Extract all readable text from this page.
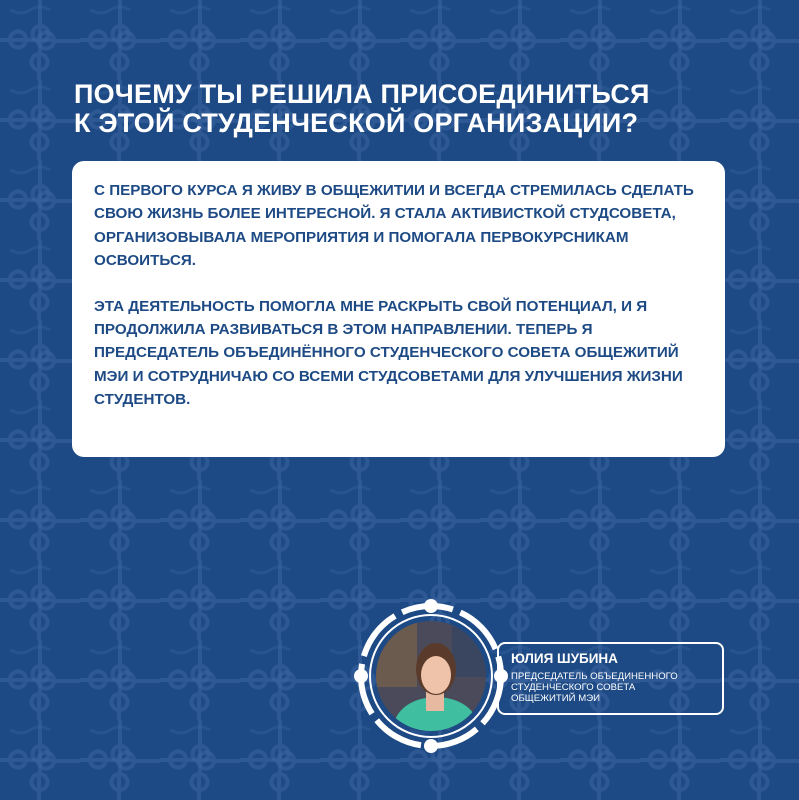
ПОЧЕМУ ТЫ РЕШИЛА ПРИСОЕДИНИТЬСЯ
К ЭТОЙ СТУДЕНЧЕСКОЙ ОРГАНИЗАЦИИ?

С ПЕРВОГО КУРСА Я ЖИВУ В ОБЩЕЖИТИИ И ВСЕГДА СТРЕМИЛАСЬ СДЕЛАТЬ СВОЮ ЖИЗНЬ БОЛЕЕ ИНТЕРЕСНОЙ. Я СТАЛА АКТИВИСТКОЙ СТУДСОВЕТА, ОРГАНИЗОВЫВАЛА МЕРОПРИЯТИЯ И ПОМОГАЛА ПЕРВОКУРСНИКАМ ОСВОИТЬСЯ.

ЭТА ДЕЯТЕЛЬНОСТЬ ПОМОГЛА МНЕ РАСКРЫТЬ СВОЙ ПОТЕНЦИАЛ, И Я ПРОДОЛЖИЛА РАЗВИВАТЬСЯ В ЭТОМ НАПРАВЛЕНИИ. ТЕПЕРЬ Я ПРЕДСЕДАТЕЛЬ ОБЪЕДИНЁННОГО СТУДЕНЧЕСКОГО СОВЕТА ОБЩЕЖИТИЙ МЭИ И СОТРУДНИЧАЮ СО ВСЕМИ СТУДСОВЕТАМИ ДЛЯ УЛУЧШЕНИЯ ЖИЗНИ СТУДЕНТОВ.

ЮЛИЯ ШУБИНА

ПРЕДСЕДАТЕЛЬ ОБЪЕДИНЕННОГО
СТУДЕНЧЕСКОГО СОВЕТА
ОБЩЕЖИТИЙ МЭИ
